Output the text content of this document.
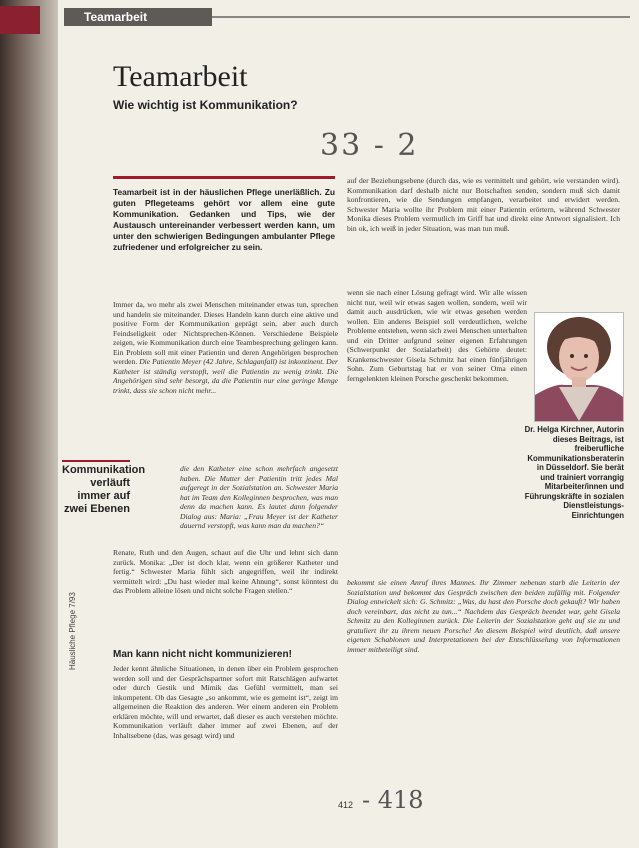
Teamarbeit
Teamarbeit
Wie wichtig ist Kommunikation?
33 - 2
Teamarbeit ist in der häuslichen Pflege unerläßlich. Zu guten Pflegeteams gehört vor allem eine gute Kommunikation. Gedanken und Tips, wie der Austausch untereinander verbessert werden kann, um unter den schwierigen Bedingungen ambulanter Pflege zufriedener und erfolgreicher zu sein.
Immer da, wo mehr als zwei Menschen miteinander etwas tun, sprechen und handeln sie miteinander. Dieses Handeln kann durch eine aktive und positive Form der Kommunikation geprägt sein, aber auch durch Feindseligkeit oder Nichtsprechen-Können. Verschiedene Beispiele zeigen, wie Kommunikation durch eine Teambesprechung gelingen kann. Ein Problem soll mit einer Patientin und deren Angehörigen besprochen werden. Die Patientin Meyer (42 Jahre, Schlaganfall) ist inkontinent. Der Katheter ist ständig verstopft, weil die Patientin zu wenig trinkt. Die Angehörigen sind sehr besorgt, da die Patientin nur eine geringe Menge trinkt, dass sie schon nicht mehr...
Kommunikation verläuft immer auf zwei Ebenen
die den Katheter eine schon mehrfach angesetzt haben. Die Mutter der Patientin tritt jedes Mal aufgeregt in der Sozialstation an. Schwester Maria hat im Team den Kolleginnen besprochen, was man denn da machen kann. Es lautet dann folgender Dialog aus: Maria: „Frau Meyer ist der Katheter dauernd verstopft, was kann man da machen?“
Renate, Ruth und den Augen, schaut auf die Uhr und lehnt sich dann zurück. Monika: „Der ist doch klar, wenn ein größerer Katheter und fertig.“ Schwester Maria fühlt sich angegriffen, weil ihr indirekt vermittelt wird: „Du hast wieder mal keine Ahnung“, sonst könntest du das Problem alleine lösen und nicht solche Fragen stellen.“
Man kann nicht nicht kommunizieren!
Jeder kennt ähnliche Situationen, in denen über ein Problem gesprochen werden soll und der Gesprächspartner sofort mit Ratschlägen aufwartet oder durch Gestik und Mimik das Gefühl vermittelt, man sei inkompetent. Ob das Gesagte „so ankommt, wie es gemeint ist“, zeigt im allgemeinen die Reaktion des anderen. Wer einem anderen ein Problem erklären möchte, will und erwartet, daß dieser es auch verstehen möchte. Kommunikation verläuft daher immer auf zwei Ebenen, auf der Inhaltsebene (das, was gesagt wird) und
auf der Beziehungsebene (durch das, wie es vermittelt und gehört, wie verstanden wird). Kommunikation darf deshalb nicht nur Botschaften senden, sondern muß sich damit konfrontieren, wie die Sendungen empfangen, verarbeitet und erwidert werden. Schwester Maria wollte ihr Problem mit einer Patientin erörtern, während Schwester Monika dieses Problem vermutlich im Griff hat und direkt eine Antwort signalisiert. Ich bin ok, ich weiß in jeder Situation, was man tun muß.
wenn sie nach einer Lösung gefragt wird. Wir alle wissen nicht nur, weil wir etwas sagen wollen, sondern, weil wir damit auch ausdrücken, wie wir etwas gesehen werden wollen. Ein anderes Beispiel soll verdeutlichen, welche Probleme entstehen, wenn sich zwei Menschen unterhalten und ein Dritter aufgrund seiner eigenen Erfahrungen (Schwerpunkt der Sozialarbeit) des Gehörte deutet: Krankenschwester Gisela Schmitz hat einen fünfjährigen Sohn. Zum Geburtstag hat er von seiner Oma einen ferngelenkten kleinen Porsche geschenkt bekommen.
Dr. Helga Kirchner, Autorin dieses Beitrags, ist freiberufliche Kommunikationsberaterin in Düsseldorf. Sie berät und trainiert vorrangig Mitarbeiter/innen und Führungskräfte in sozialen Dienstleistungs-Einrichtungen
bekommt sie einen Anruf ihres Mannes. Ihr Zimmer nebenan starb die Leiterin der Sozialstation und bekommt das Gespräch zwischen den beiden zufällig mit. Folgender Dialog entwickelt sich: G. Schmitz: „Was, du hast den Porsche doch gekauft? Wir haben doch vereinbart, das nicht zu tun...“ Nachdem das Gespräch beendet war, geht Gisela Schmitz zu den Kolleginnen zurück. Die Leiterin der Sozialstation geht auf sie zu und gratuliert ihr zu ihrem neuen Porsche! An diesem Beispiel wird deutlich, daß unsere eigenen Schablonen und Interpretationen bei der Entschlüsselung von Informationen immer mitbeteiligt sind.
Häusliche Pflege 7/93
412 - 418
